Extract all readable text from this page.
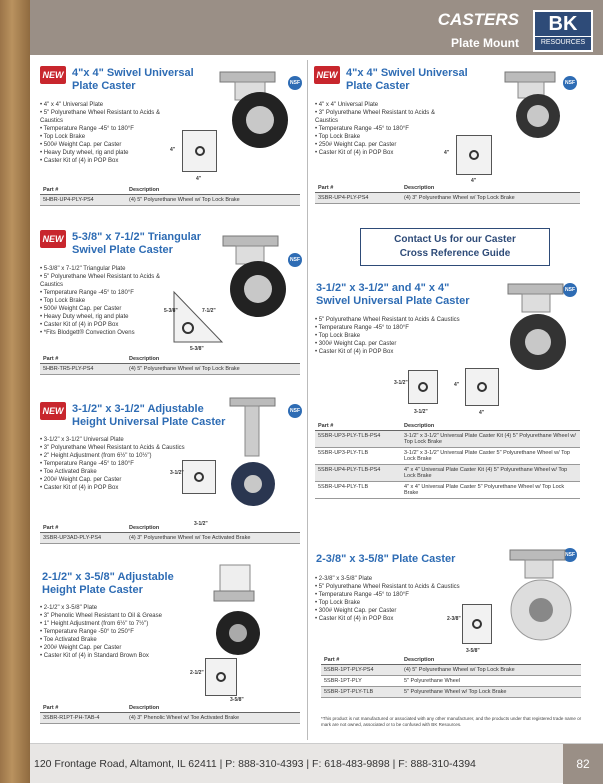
CASTERS
Plate Mount
BK
RESOURCES
NEW 4"x 4" Swivel Universal Plate Caster	NSF
• 4" x 4" Universal Plate
• 5" Polyurethane Wheel Resistant to Acids & Caustics
• Temperature Range -45° to 180°F
• Top Lock Brake
• 500# Weight Cap. per Caster
• Heavy Duty wheel, rig and plate
• Caster Kit of (4) in POP Box
4"
4"
Part #	Description
5HBR-UP4-PLY-PS4	(4) 5" Polyurethane Wheel w/ Top Lock Brake
NEW 4"x 4" Swivel Universal Plate Caster	NSF
• 4" x 4" Universal Plate
• 3" Polyurethane Wheel Resistant to Acids & Caustics
• Temperature Range -45° to 180°F
• Top Lock Brake
• 250# Weight Cap. per Caster
• Caster Kit of (4) in POP Box	4"
4"
Part #	Description
3SBR-UP4-PLY-PS4	(4) 3" Polyurethane Wheel w/ Top Lock Brake
NEW 5-3/8" x 7-1/2" Triangular Swivel Plate Caster
NSF
• 5-3/8" x 7-1/2" Triangular Plate
• 5" Polyurethane Wheel Resistant to Acids & Caustics
• Temperature Range -45° to 180°F
• Top Lock Brake
• 500# Weight Cap. per Caster
• Heavy Duty wheel, rig and plate
• Caster Kit of (4) in POP Box
• *Fits Blodgett® Convection Ovens
5-3/8"	7-1/2"
5-3/8"
Part #	Description
5HBR-TR5-PLY-PS4	(4) 5" Polyurethane Wheel w/ Top Lock Brake
NEW 3-1/2" x 3-1/2" Adjustable Height Universal Plate Caster
NSF
• 3-1/2" x 3-1/2" Universal Plate
• 3" Polyurethane Wheel Resistant to Acids & Caustics
• 2" Height Adjustment (from 6½" to 10½")
• Temperature Range -45° to 180°F
• Toe Activated Brake
• 200# Weight Cap. per Caster
• Caster Kit of (4) in POP Box
3-1/2"
3-1/2"
Part #	Description
3SBR-UP3AD-PLY-PS4	(4) 3" Polyurethane Wheel w/ Toe Activated Brake
2-1/2" x 3-5/8" Adjustable Height Plate Caster
• 2-1/2" x 3-5/8" Plate
• 3" Phenolic Wheel Resistant to Oil & Grease
• 1" Height Adjustment (from 6½" to 7½")
• Temperature Range -50° to 250°F
• Toe Activated Brake
• 200# Weight Cap. per Caster
• Caster Kit of (4) in Standard Brown Box
2-1/2"
3-5/8"
Part #	Description
3SBR-R1PT-PH-TAB-4	(4) 3" Phenolic Wheel w/ Toe Activated Brake
Contact Us for our Caster
Cross Reference Guide
3-1/2" x 3-1/2" and 4" x 4" Swivel Universal Plate Caster
NSF
• 5" Polyurethane Wheel Resistant to Acids & Caustics
• Temperature Range -45° to 180°F
• Top Lock Brake
• 300# Weight Cap. per Caster
• Caster Kit of (4) in POP Box
3-1/2"
3-1/2"
4"
4"
Part #	Description
5SBR-UP3-PLY-TLB-PS4	3-1/2" x 3-1/2" Universal Plate Caster Kit (4) 5" Polyurethane Wheel w/ Top Lock Brake
5SBR-UP3-PLY-TLB	3-1/2" x 3-1/2" Universal Plate Caster 5" Polyurethane Wheel w/ Top Lock Brake
5SBR-UP4-PLY-TLB-PS4	4" x 4" Universal Plate Caster Kit (4) 5" Polyurethane Wheel w/ Top Lock Brake
5SBR-UP4-PLY-TLB	4" x 4" Universal Plate Caster 5" Polyurethane Wheel w/ Top Lock Brake
2-3/8" x 3-5/8" Plate Caster	NSF
• 2-3/8" x 3-5/8" Plate
• 5" Polyurethane Wheel Resistant to Acids & Caustics
• Temperature Range -45° to 180°F
• Top Lock Brake
• 300# Weight Cap. per Caster
• Caster Kit of (4) in POP Box	2-3/8"
3-5/8"
Part #	Description
5SBR-1PT-PLY-PS4	(4) 5" Polyurethane Wheel w/ Top Lock Brake
5SBR-1PT-PLY	5" Polyurethane Wheel
5SBR-1PT-PLY-TLB	5" Polyurethane Wheel w/ Top Lock Brake
*This product is not manufactured or associated with any other manufacturer, and the products under that registered trade name or mark are not owned, associated or to be confused with BK Resources.
120 Frontage Road, Altamont, IL 62411 | P: 888-310-4393 | F: 618-483-9898 | F: 888-310-4394	82
